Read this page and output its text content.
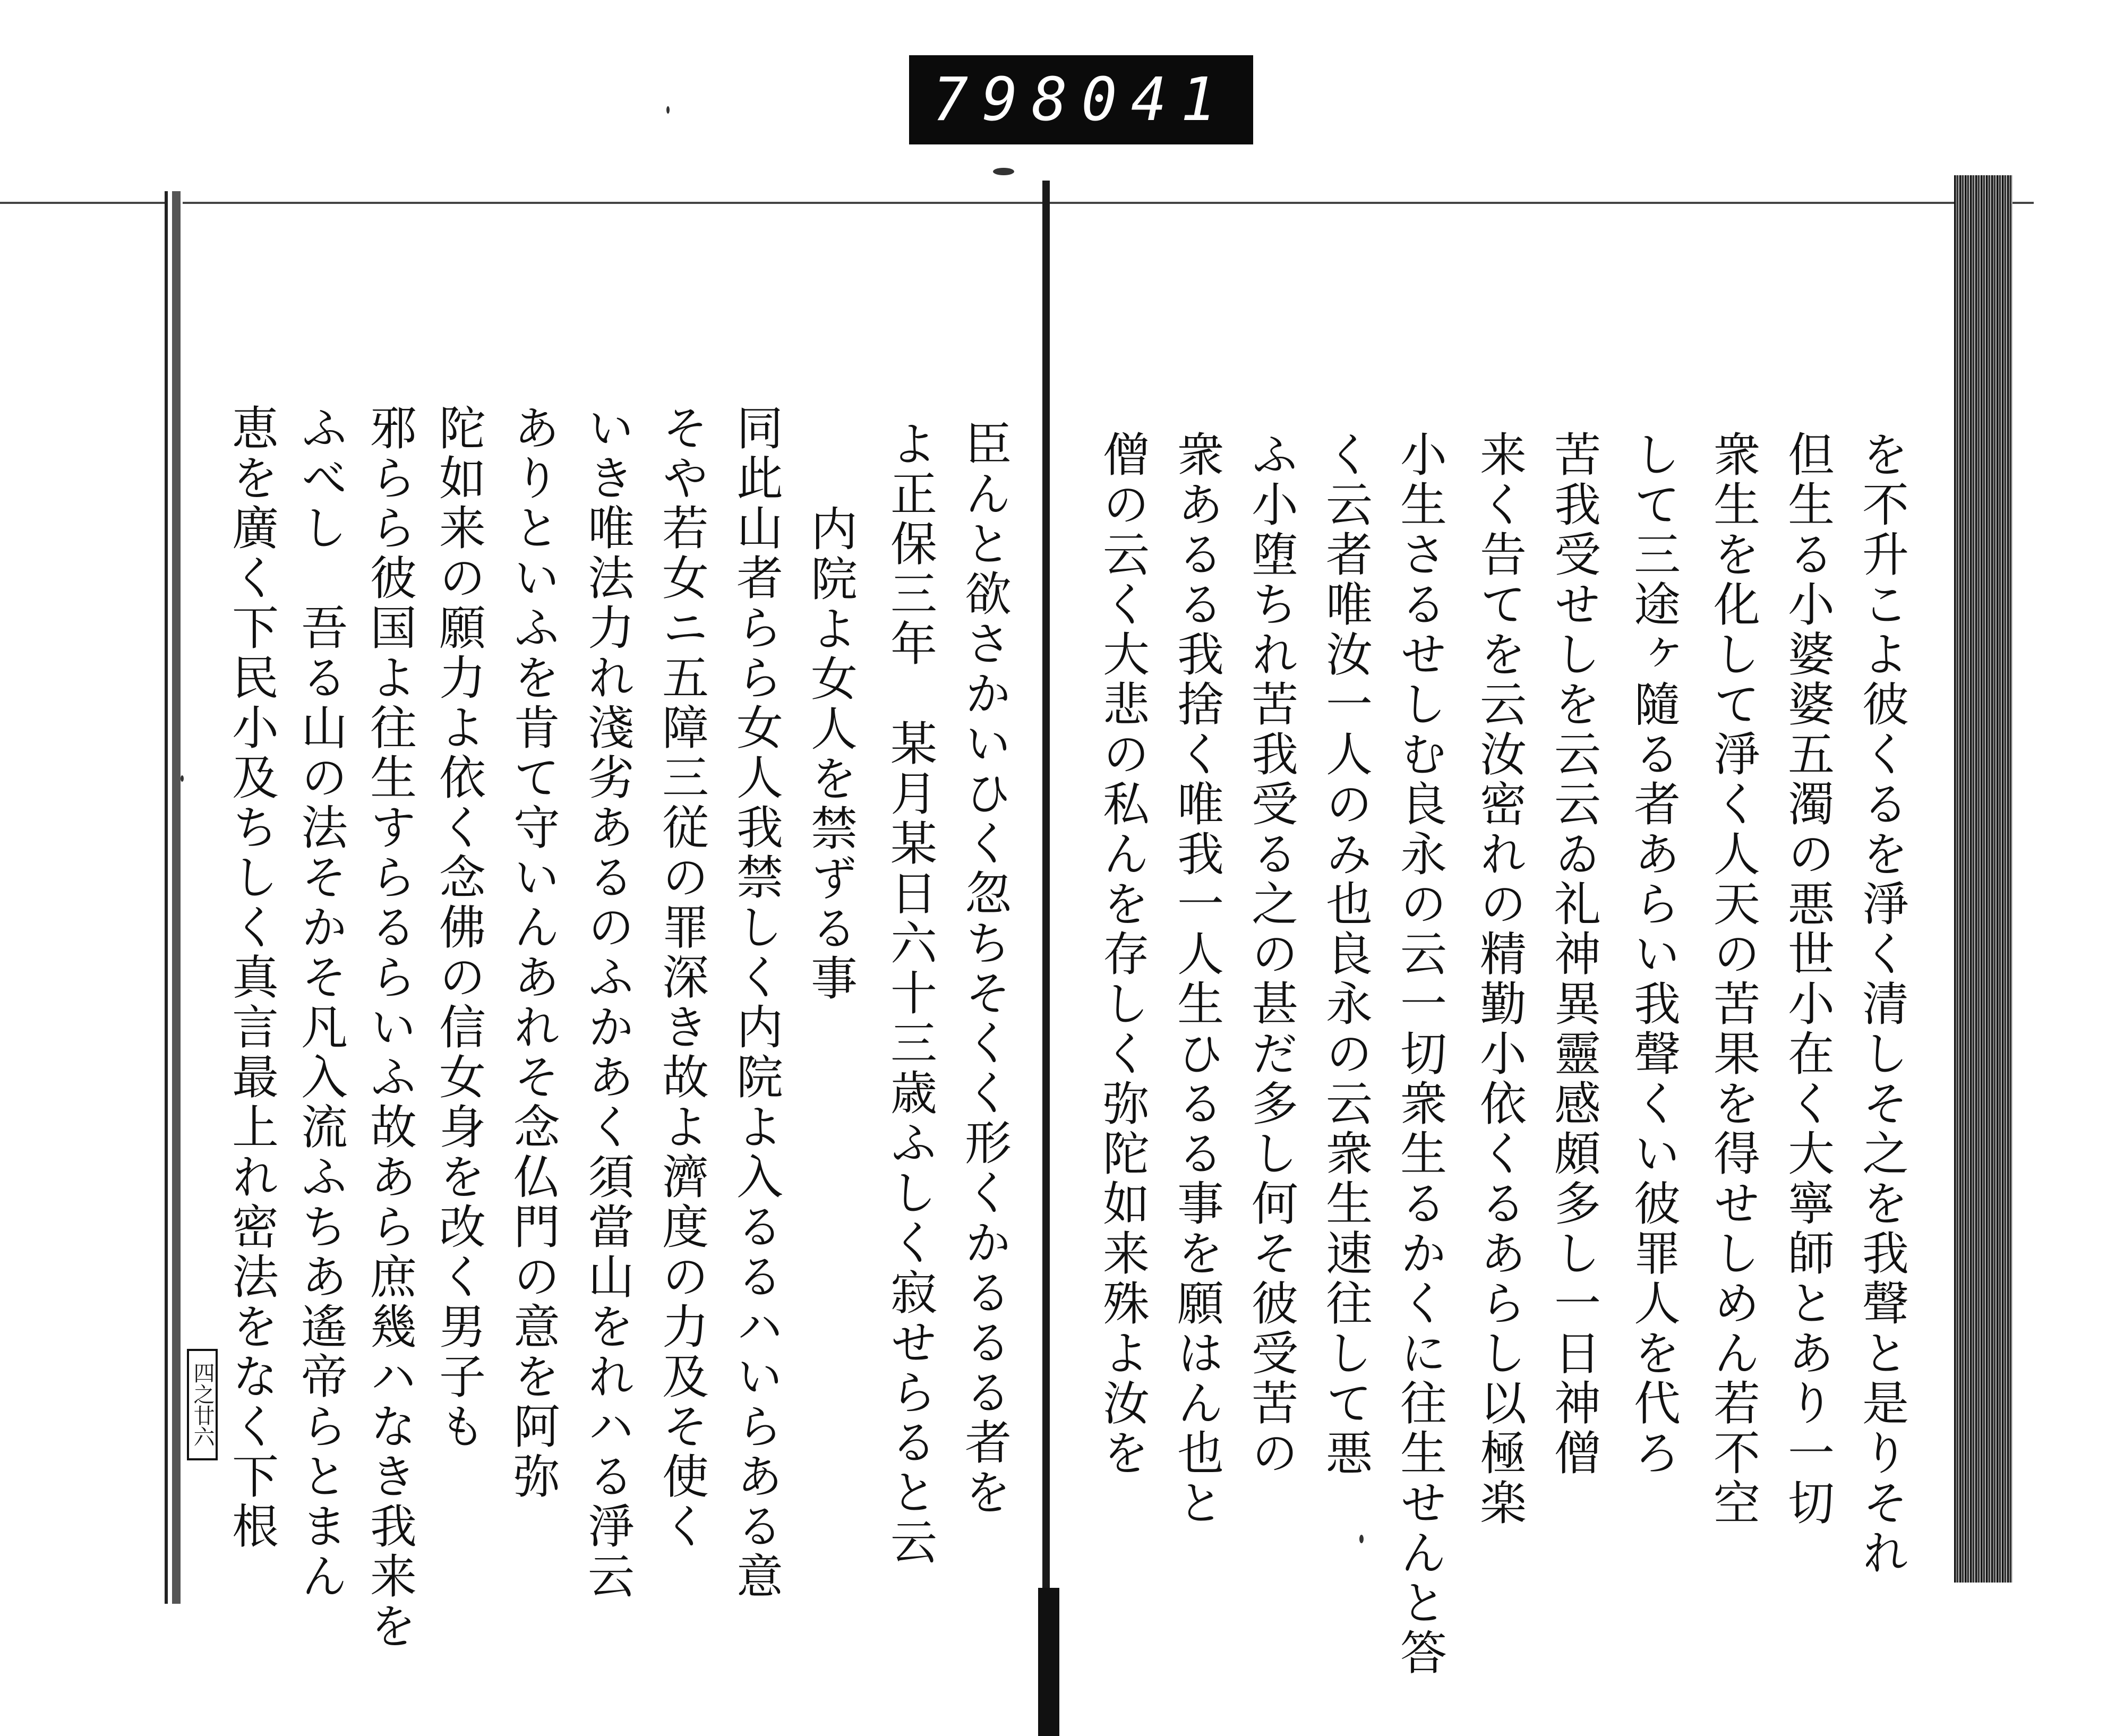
798 041
を不升こよ彼くるを淨く清しそ之を我聲と是りそれ
但生る小婆婆五濁の悪世小在く大寧師とあり一切
衆生を化して淨く人天の苦果を得せしめん若不空
して三途ヶ隨る者あらい我聲くい彼罪人を代ろ
苦我受せしを云云ゐ礼神異靈感頗多し一日神僧
来く告てを云汝密れの精勤小依くるあらし以極楽
小生さるせしむ良永の云一切衆生るかくに往生せんと答
く云者唯汝一人のみ也良永の云衆生速往して悪
ふ小堕ちれ苦我受る之の甚だ多し何そ彼受苦の
衆あるる我捨く唯我一人生ひるる事を願はん也と
僧の云く大悲の私んを存しく弥陀如来殊よ汝を
臣んと欲さかいひく忽ちそくく形くかるるる者を
よ正保三年　某月某日六十三歳ふしく寂せらると云
内院よ女人を禁ずる事
同此山者らら女人我禁しく内院よ入るるハいらある意
そや若女ニ五障三従の罪深き故よ濟度の力及そ使く
いき唯法力れ淺劣あるのふかあく須當山をれハる淨云
ありといふを肯て守いんあれそ念仏門の意を阿弥
陀如来の願力よ依く念佛の信女身を改く男子も
邪らら彼国よ往生すらるらいふ故あら庶幾ハなき我来を
ふべし　吾る山の法そかそ凡入流ふちあ遙帝らとまん
恵を廣く下民小及ちしく真言最上れ密法をなく下根
四之廿六
